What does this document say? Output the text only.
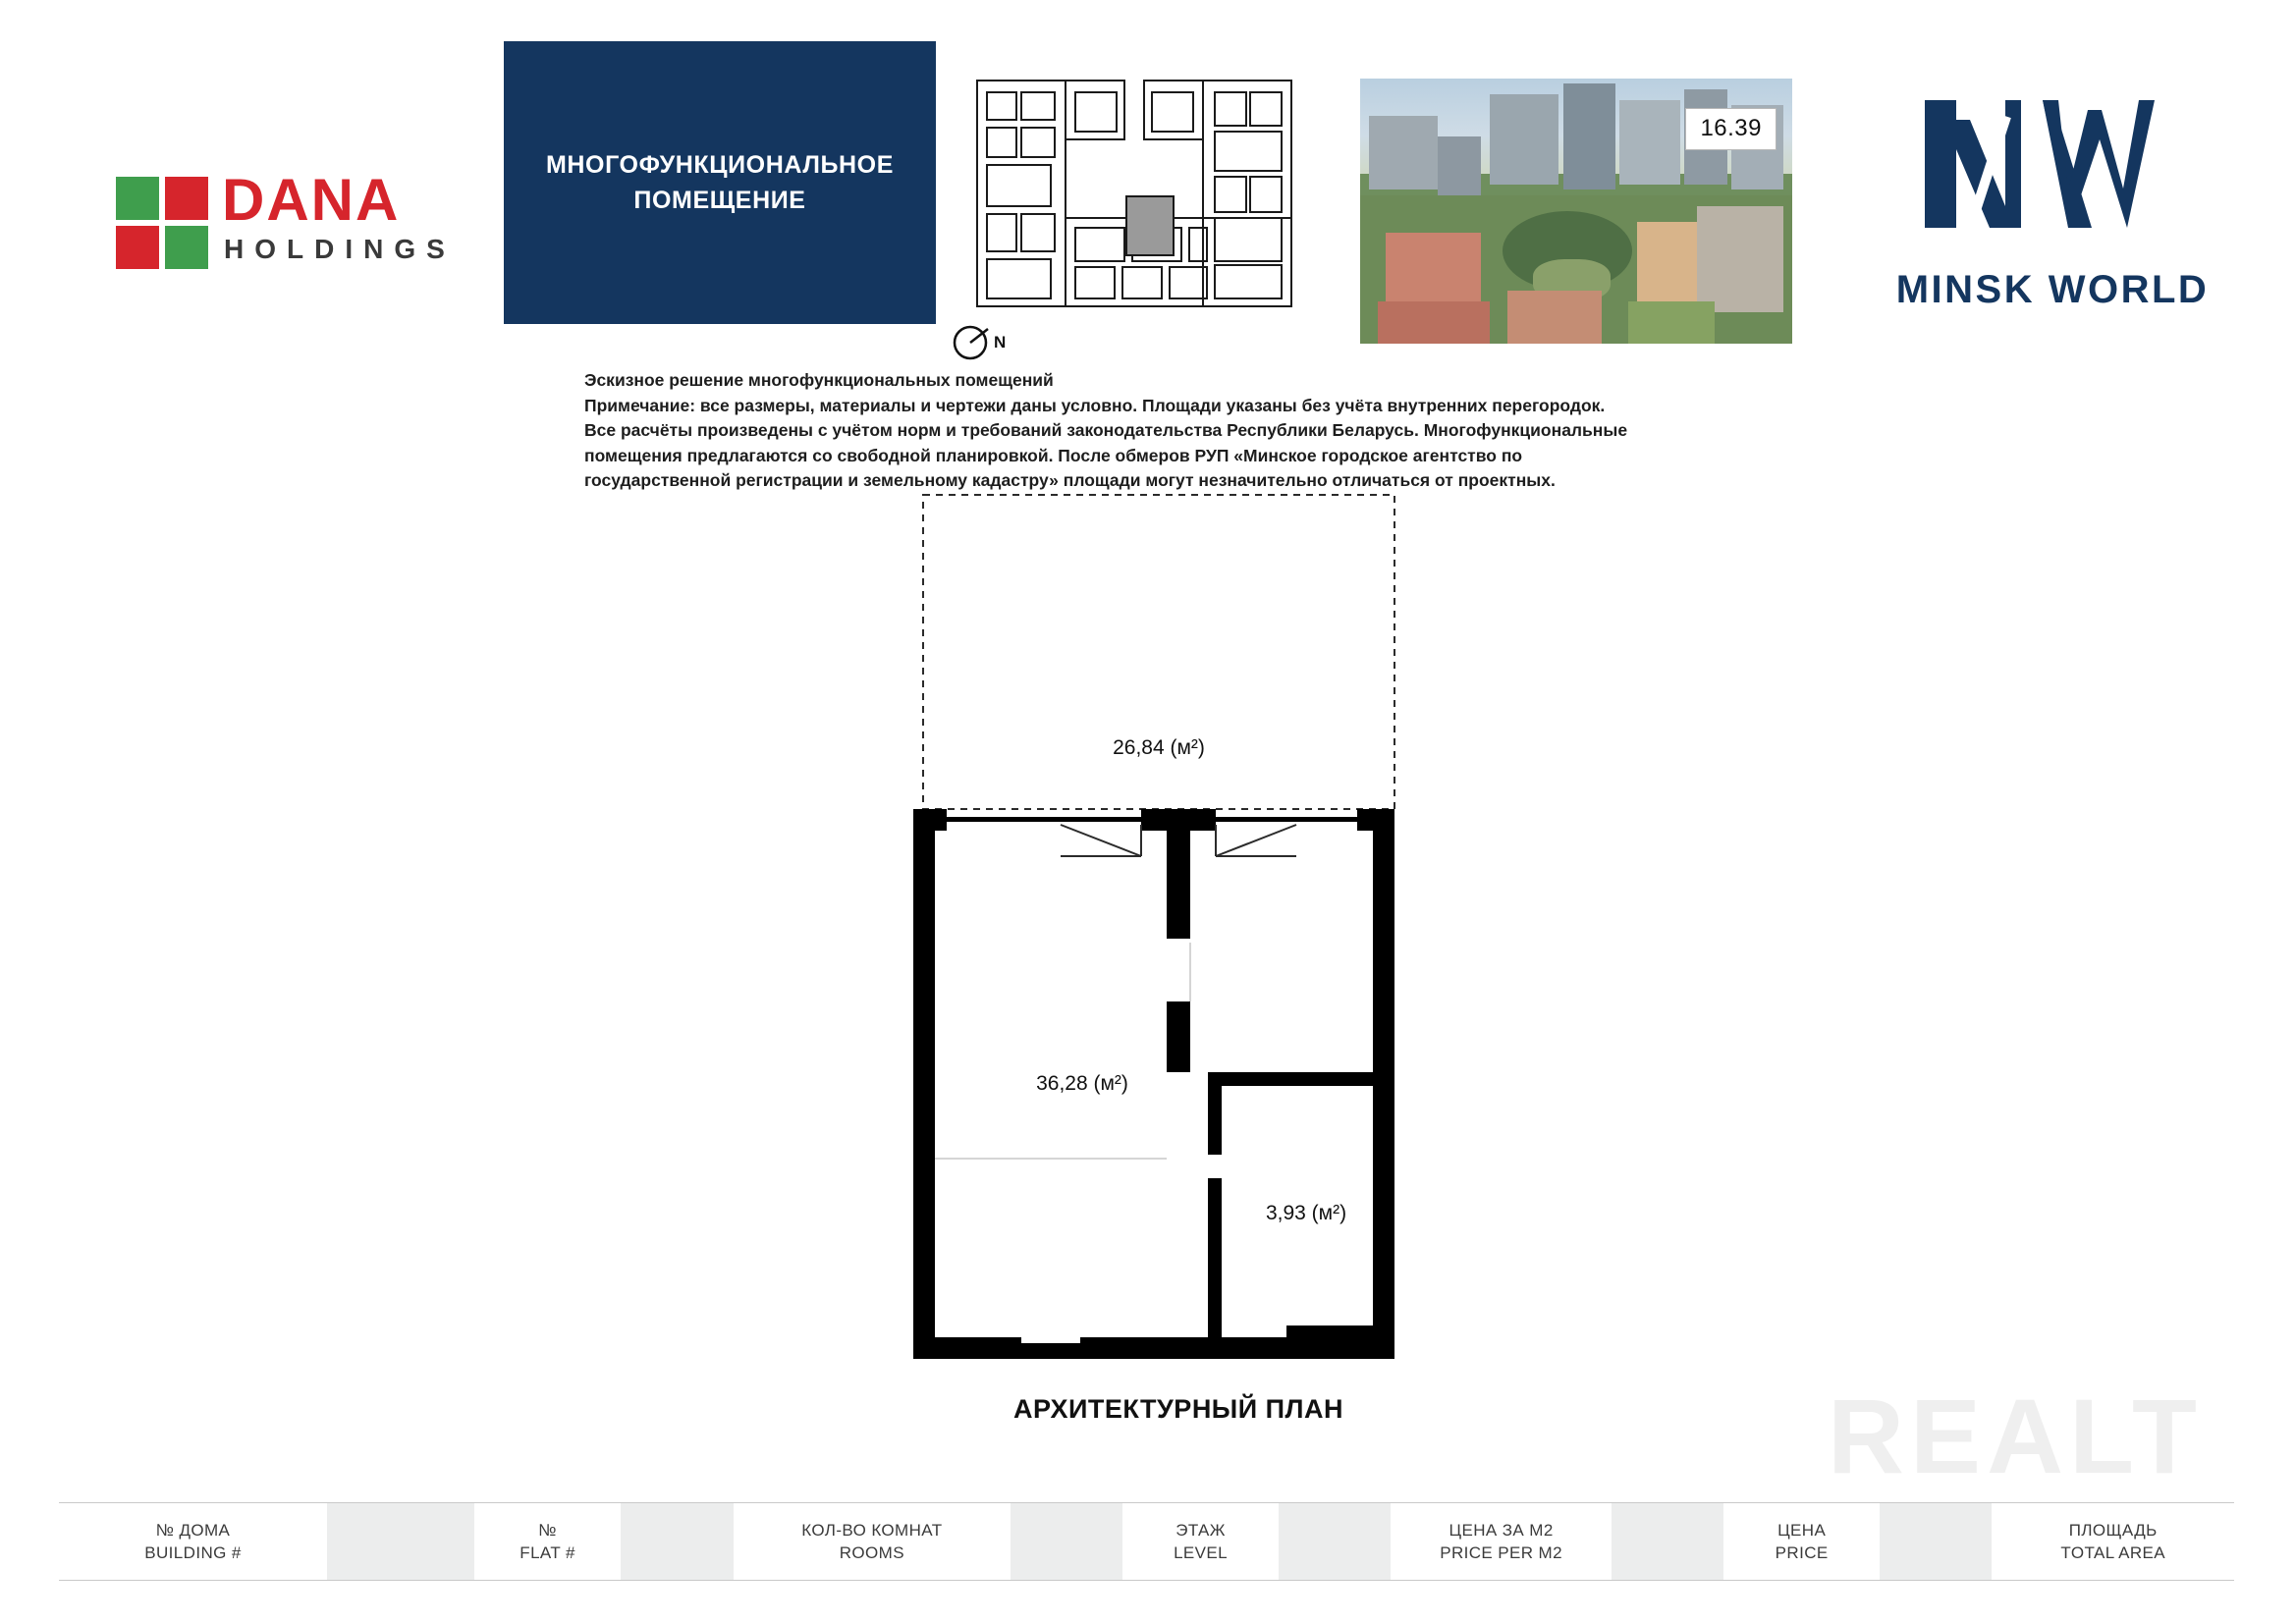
DANA
HOLDINGS
МНОГОФУНКЦИОНАЛЬНОЕ
ПОМЕЩЕНИЕ
N
16.39
MINSK WORLD
Эскизное решение многофункциональных помещений
Примечание: все размеры, материалы и чертежи даны условно. Площади указаны без учёта внутренних перегородок.
Все расчёты произведены с учётом норм и требований законодательства Республики Беларусь. Многофункциональные
помещения предлагаются со свободной планировкой. После обмеров РУП «Минское городское агентство по
государственной регистрации и земельному кадастру» площади могут незначительно отличаться от проектных.
26,84 (м²)
36,28 (м²)
3,93 (м²)
АРХИТЕКТУРНЫЙ ПЛАН	REALT
№ ДОМА
BUILDING #
№
FLAT #
КОЛ-ВО КОМНАТ
ROOMS
ЭТАЖ
LEVEL
ЦЕНА ЗА М2
PRICE PER M2
ЦЕНА
PRICE
ПЛОЩАДЬ
TOTAL AREA
